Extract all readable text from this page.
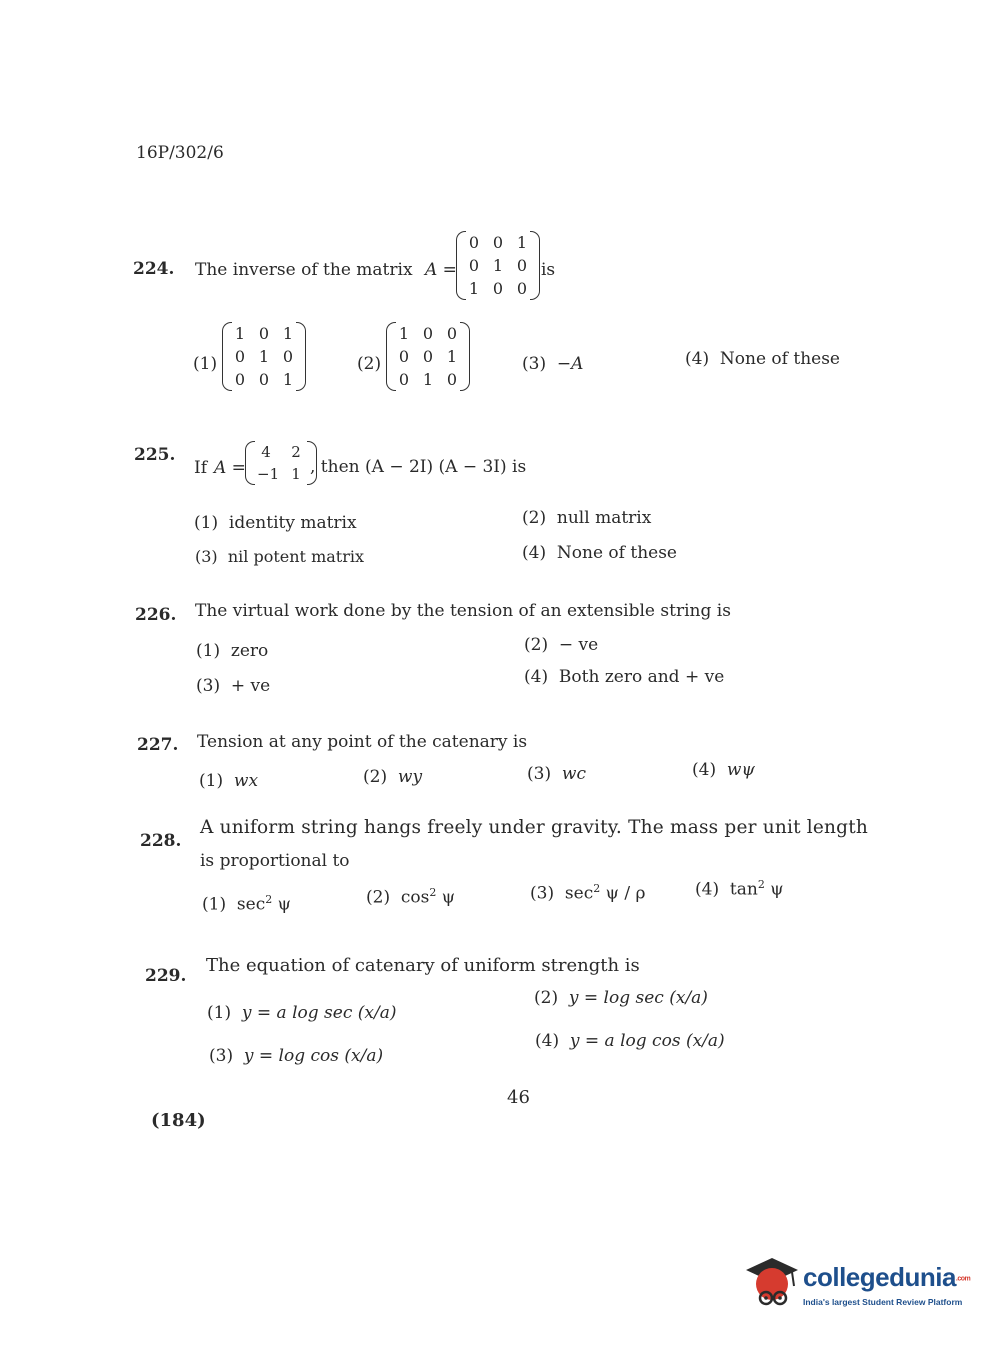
16P/302/6
224. The inverse of the matrix A =
0 0 1
0 1 0
1 0 0
is
(1)
1 0 1
0 1 0
0 0 1
(2)
1 0 0
0 0 1
0 1 0
(3) −A	(4) None of these
225.
If A =
4 2
−1 1 , then (A − 2I) (A − 3I) is
(1) identity matrix	(2) null matrix
(3) nil potent matrix	(4) None of these
226. The virtual work done by the tension of an extensible string is
(1) zero	(2) − ve
(3) + ve	(4) Both zero and + ve
227. Tension at any point of the catenary is
(1) wx	(2) wy	(3) wc	(4) wψ
228.
A uniform string hangs freely under gravity. The mass per unit length
is proportional to
(1) $\sec^2 \psi$	(2) $\cos^2 \psi$	(3) $\sec^2 \psi$ / ρ	(4) $\tan^2 \psi$
229. The equation of catenary of uniform strength is
(1) y = a log sec (x/a)
(2) y = log sec (x/a)
(3) y = log cos (x/a)
(4) y = a log cos (x/a)
46
(184)
collegedunia.com
India's largest Student Review Platform
